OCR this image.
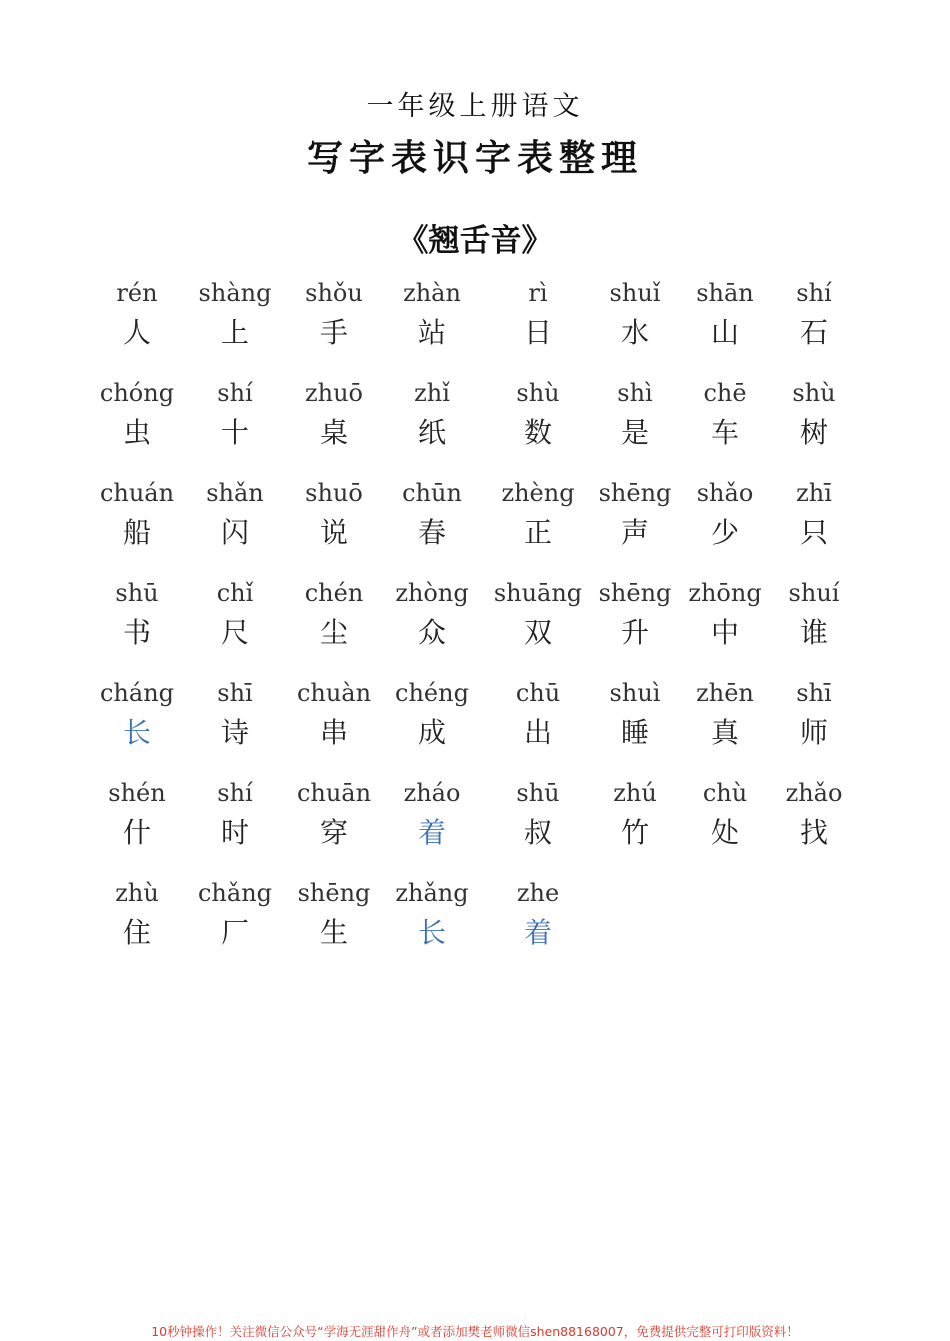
一年级上册语文
写字表识字表整理
《翘舌音》
rén
人
shàng
上
shǒu
手
zhàn
站
rì
日
shuǐ
水
shān
山
shí
石
chóng
虫
shí
十
zhuō
桌
zhǐ
纸
shù
数
shì
是
chē
车
shù
树
chuán
船
shǎn
闪
shuō
说
chūn
春
zhèng
正
shēng
声
shǎo
少
zhī
只
shū
书
chǐ
尺
chén
尘
zhòng
众
shuāng
双
shēng
升
zhōng
中
shuí
谁
cháng
长
shī
诗
chuàn
串
chéng
成
chū
出
shuì
睡
zhēn
真
shī
师
shén
什
shí
时
chuān
穿
zháo
着
shū
叔
zhú
竹
chù
处
zhǎo
找
zhù
住
chǎng
厂
shēng
生
zhǎng
长
zhe
着
10秒钟操作！关注微信公众号“学海无涯甜作舟”或者添加樊老师微信shen88168007，免费提供完整可打印版资料！
